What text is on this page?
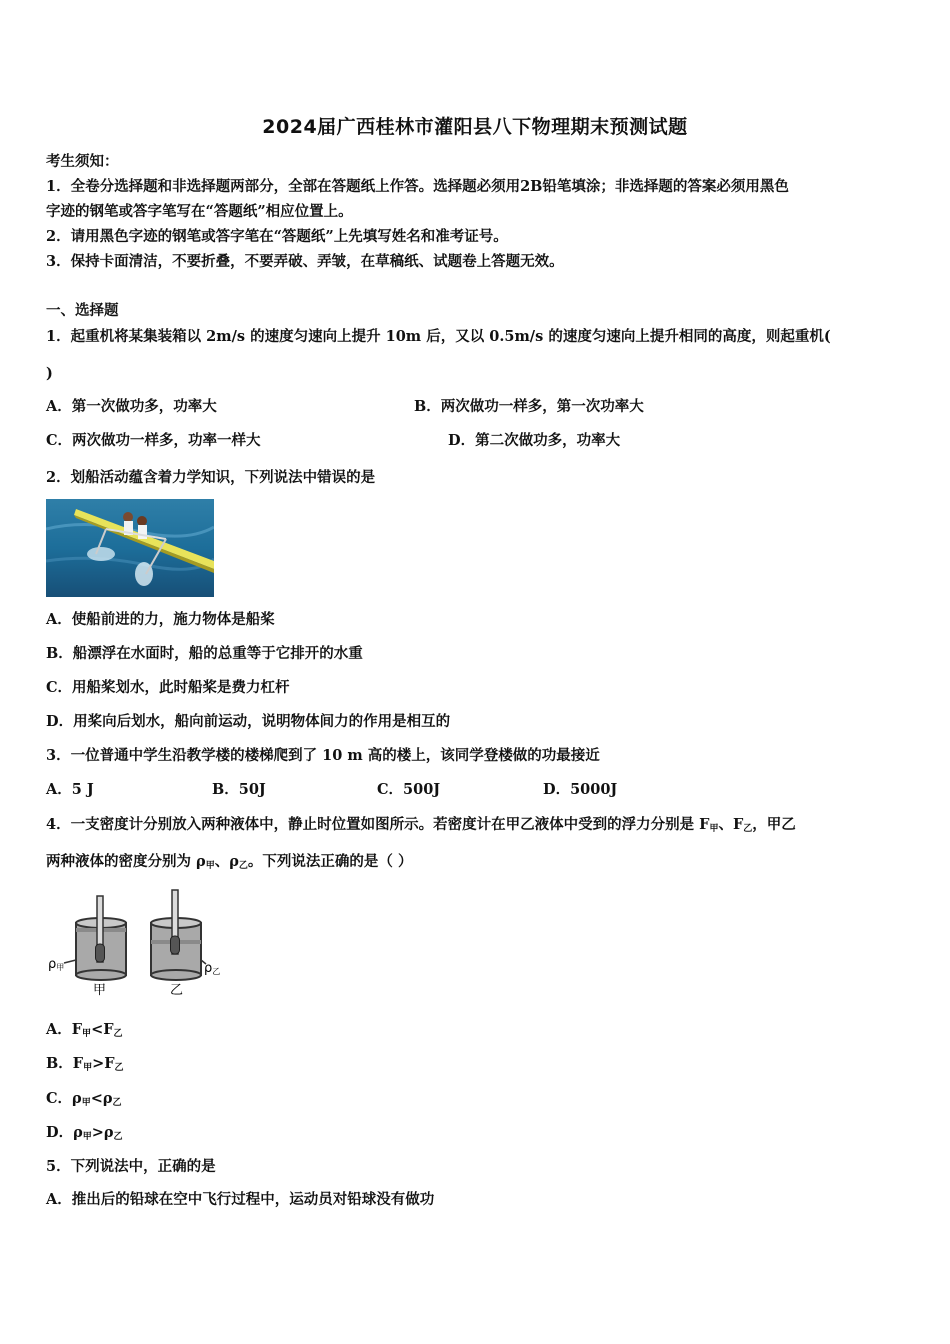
2024届广西桂林市灌阳县八下物理期末预测试题
考生须知：
1．全卷分选择题和非选择题两部分，全部在答题纸上作答。选择题必须用2B铅笔填涂；非选择题的答案必须用黑色
字迹的钢笔或答字笔写在“答题纸”相应位置上。
2．请用黑色字迹的钢笔或答字笔在“答题纸”上先填写姓名和准考证号。
3．保持卡面清洁，不要折叠，不要弄破、弄皱，在草稿纸、试题卷上答题无效。
一、选择题
1．起重机将某集装箱以 2m/s 的速度匀速向上提升 10m 后，又以 0.5m/s 的速度匀速向上提升相同的高度，则起重机(
)
A．第一次做功多，功率大	B．两次做功一样多，第一次功率大
C．两次做功一样多，功率一样大	D．第二次做功多，功率大
2．划船活动蕴含着力学知识，下列说法中错误的是
A．使船前进的力，施力物体是船桨
B．船漂浮在水面时，船的总重等于它排开的水重
C．用船桨划水，此时船桨是费力杠杆
D．用桨向后划水，船向前运动，说明物体间力的作用是相互的
3．一位普通中学生沿教学楼的楼梯爬到了 10 m 高的楼上，该同学登楼做的功最接近
A．5 J	B．50J	C．500J	D．5000J
4．一支密度计分别放入两种液体中，静止时位置如图所示。若密度计在甲乙液体中受到的浮力分别是 $F_甲$、$F_乙$，甲乙
两种液体的密度分别为 $\rho_甲$、$\rho_乙$。下列说法正确的是（ ）
ρ甲	ρ乙
甲	乙
A．$F_甲<F_乙$
B．$F_甲>F_乙$
C．$\rho_甲<\rho_乙$
D．$\rho_甲>\rho_乙$
5．下列说法中，正确的是
A．推出后的铅球在空中飞行过程中，运动员对铅球没有做功
